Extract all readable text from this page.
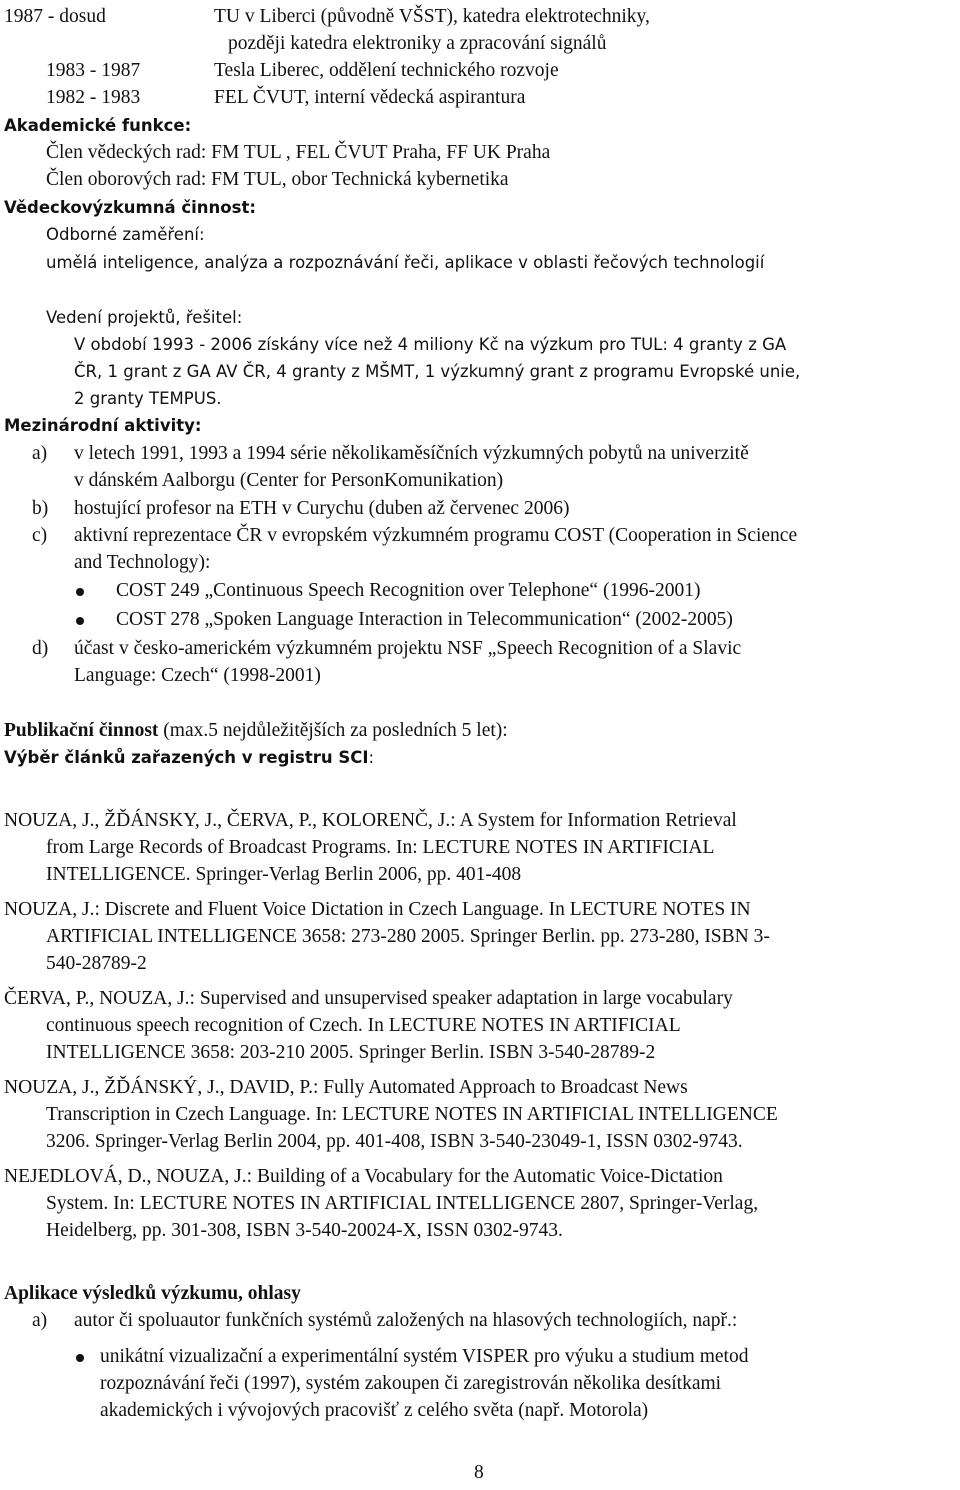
1987 - dosud	TU v Liberci (původně VŠST), katedra elektrotechniky,
později katedra elektroniky a zpracování signálů
1983 - 1987	Tesla Liberec, oddělení technického rozvoje
1982 - 1983	FEL ČVUT, interní vědecká aspirantura
Akademické funkce:
Člen vědeckých rad: FM TUL , FEL ČVUT Praha, FF UK Praha
Člen oborových rad: FM TUL, obor Technická kybernetika
Vědeckovýzkumná činnost:
Odborné zaměření:
umělá inteligence, analýza a rozpoznávání řeči, aplikace v oblasti řečových technologií
Vedení projektů, řešitel:
V období 1993 - 2006 získány více než 4 miliony Kč na výzkum pro TUL: 4 granty z GA
ČR, 1 grant z GA AV ČR, 4 granty z MŠMT, 1 výzkumný grant z programu Evropské unie,
2 granty TEMPUS.
Mezinárodní aktivity:
a) v letech 1991, 1993 a 1994 série několikaměsíčních výzkumných pobytů na univerzitě
v dánském Aalborgu (Center for PersonKomunikation)
b) hostující profesor na ETH v Curychu (duben až červenec 2006)
c) aktivní reprezentace ČR v evropském výzkumném programu COST (Cooperation in Science
and Technology):
COST 249 „Continuous Speech Recognition over Telephone“ (1996-2001)
COST 278 „Spoken Language Interaction in Telecommunication“ (2002-2005)
d) účast v česko-americkém výzkumném projektu NSF „Speech Recognition of a Slavic
Language: Czech“ (1998-2001)
Publikační činnost (max.5 nejdůležitějších za posledních 5 let):
Výběr článků zařazených v registru SCI:
NOUZA, J., ŽĎÁNSKY, J., ČERVA, P., KOLORENČ, J.: A System for Information Retrieval
from Large Records of Broadcast Programs. In: LECTURE NOTES IN ARTIFICIAL
INTELLIGENCE. Springer-Verlag Berlin 2006, pp. 401-408
NOUZA, J.: Discrete and Fluent Voice Dictation in Czech Language. In LECTURE NOTES IN
ARTIFICIAL INTELLIGENCE 3658: 273-280 2005. Springer Berlin. pp. 273-280, ISBN 3-
540-28789-2
ČERVA, P., NOUZA, J.: Supervised and unsupervised speaker adaptation in large vocabulary
continuous speech recognition of Czech. In LECTURE NOTES IN ARTIFICIAL
INTELLIGENCE 3658: 203-210 2005. Springer Berlin. ISBN 3-540-28789-2
NOUZA, J., ŽĎÁNSKÝ, J., DAVID, P.: Fully Automated Approach to Broadcast News
Transcription in Czech Language. In: LECTURE NOTES IN ARTIFICIAL INTELLIGENCE
3206. Springer-Verlag Berlin 2004, pp. 401-408, ISBN 3-540-23049-1, ISSN 0302-9743.
NEJEDLOVÁ, D., NOUZA, J.: Building of a Vocabulary for the Automatic Voice-Dictation
System. In: LECTURE NOTES IN ARTIFICIAL INTELLIGENCE 2807, Springer-Verlag,
Heidelberg, pp. 301-308, ISBN 3-540-20024-X, ISSN 0302-9743.
Aplikace výsledků výzkumu, ohlasy
a) autor či spoluautor funkčních systémů založených na hlasových technologiích, např.:
unikátní vizualizační a experimentální systém VISPER pro výuku a studium metod
rozpoznávání řeči (1997), systém zakoupen či zaregistrován několika desítkami
akademických i vývojových pracovišť z celého světa (např. Motorola)
8
